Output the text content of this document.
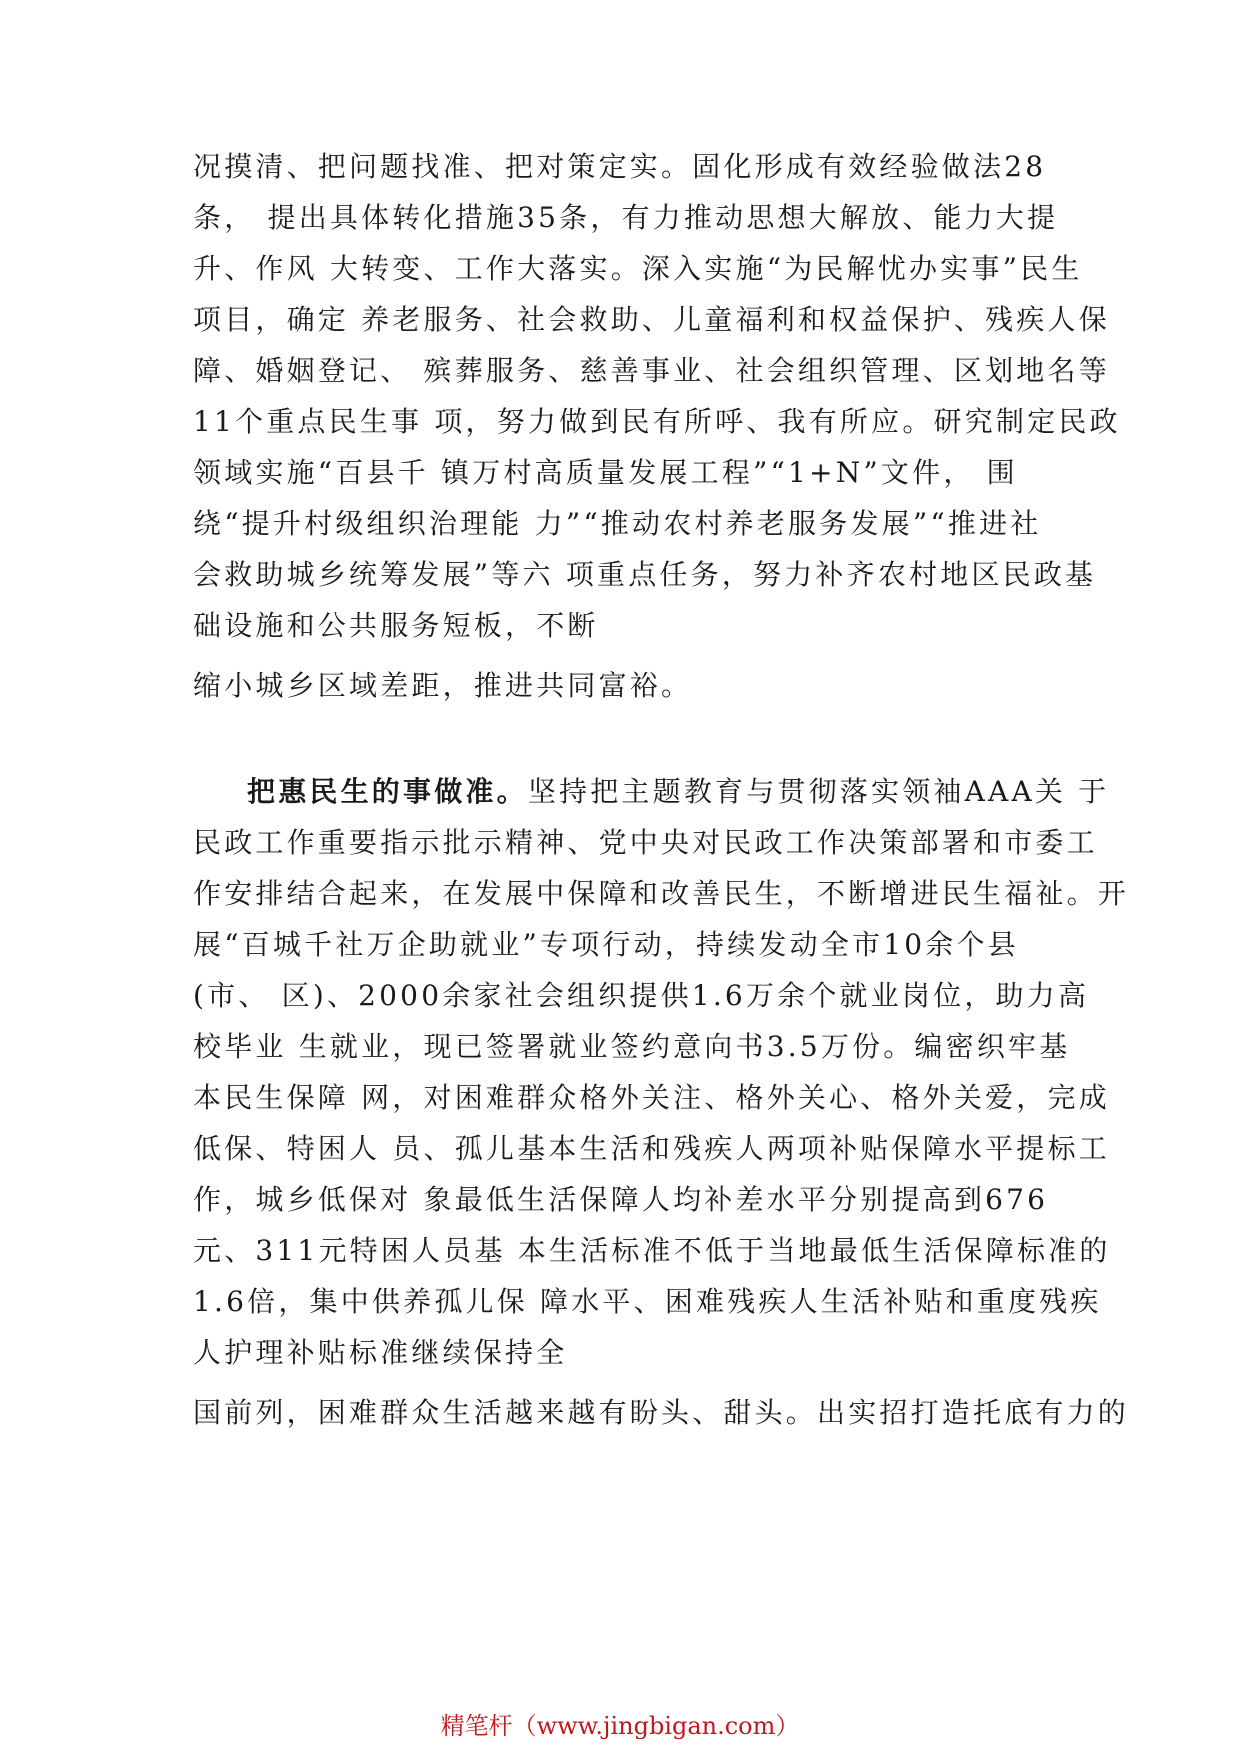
况摸清、把问题找准、把对策定实。固化形成有效经验做法28
条， 提出具体转化措施35条，有力推动思想大解放、能力大提
升、作风 大转变、工作大落实。深入实施“为民解忧办实事”民生
项目，确定 养老服务、社会救助、儿童福利和权益保护、残疾人保
障、婚姻登记、 殡葬服务、慈善事业、社会组织管理、区划地名等
11个重点民生事 项，努力做到民有所呼、我有所应。研究制定民政
领域实施“百县千 镇万村高质量发展工程”“1+N”文件， 围
绕“提升村级组织治理能 力”“推动农村养老服务发展”“推进社
会救助城乡统筹发展”等六 项重点任务，努力补齐农村地区民政基
础设施和公共服务短板，不断
缩小城乡区域差距，推进共同富裕。
把惠民生的事做准。坚持把主题教育与贯彻落实领袖AAA关 于
民政工作重要指示批示精神、党中央对民政工作决策部署和市委工
作安排结合起来，在发展中保障和改善民生，不断增进民生福祉。开
展“百城千社万企助就业”专项行动，持续发动全市10余个县
(市、 区)、2000余家社会组织提供1.6万余个就业岗位，助力高
校毕业 生就业，现已签署就业签约意向书3.5万份。编密织牢基
本民生保障 网，对困难群众格外关注、格外关心、格外关爱，完成
低保、特困人 员、孤儿基本生活和残疾人两项补贴保障水平提标工
作，城乡低保对 象最低生活保障人均补差水平分别提高到676
元、311元特困人员基 本生活标准不低于当地最低生活保障标准的
1.6倍，集中供养孤儿保 障水平、困难残疾人生活补贴和重度残疾
人护理补贴标准继续保持全
国前列，困难群众生活越来越有盼头、甜头。出实招打造托底有力的
精笔杆（www.jingbigan.com）
